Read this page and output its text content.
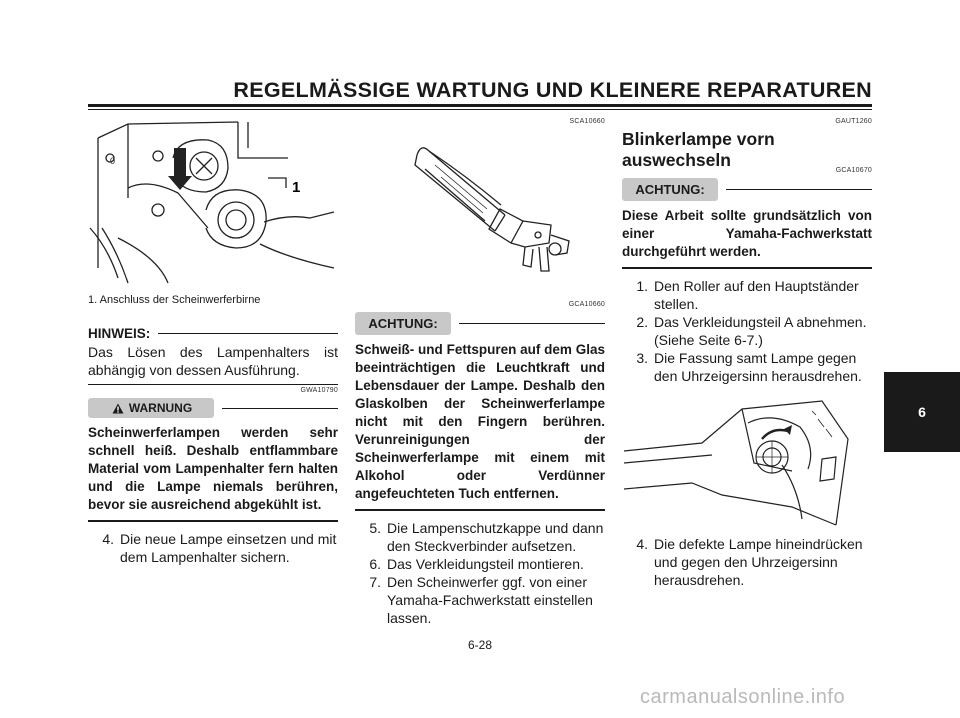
REGELMÄSSIGE WARTUNG UND KLEINERE REPARATUREN
1
0

1. Anschluss der Scheinwerferbirne

HINWEIS:

Das Lösen des Lampenhalters ist abhängig von dessen Ausführung.

GWA10790
WARNUNG

Scheinwerferlampen werden sehr schnell heiß. Deshalb entflammbare Material vom Lampenhalter fern halten und die Lampe niemals berühren, bevor sie ausreichend abgekühlt ist.

4. Die neue Lampe einsetzen und mit dem Lampenhalter sichern.
SCA10660
GCA10660
ACHTUNG:

Schweiß- und Fettspuren auf dem Glas beeinträchtigen die Leuchtkraft und Lebensdauer der Lampe. Deshalb den Glaskolben der Scheinwerferlampe nicht mit den Fingern berühren. Verunreinigungen der Scheinwerferlampe mit einem mit Alkohol oder Verdünner angefeuchteten Tuch entfernen.

5. Die Lampenschutzkappe und dann den Steckverbinder aufsetzen.
6. Das Verkleidungsteil montieren.
7. Den Scheinwerfer ggf. von einer Yamaha-Fachwerkstatt einstellen lassen.
GAUT1260
Blinkerlampe vorn auswechseln
GCA10670
ACHTUNG:

Diese Arbeit sollte grundsätzlich von einer Yamaha-Fachwerkstatt durchgeführt werden.

1. Den Roller auf den Hauptständer stellen.
2. Das Verkleidungsteil A abnehmen. (Siehe Seite 6-7.)
3. Die Fassung samt Lampe gegen den Uhrzeigersinn herausdrehen.
4. Die defekte Lampe hineindrücken und gegen den Uhrzeigersinn herausdrehen.
6-28
6
carmanualsonline.info
